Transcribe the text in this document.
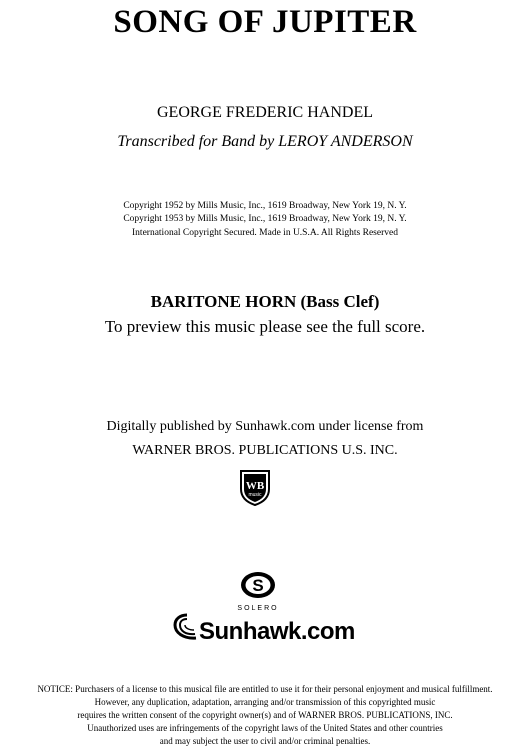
SONG OF JUPITER
GEORGE FREDERIC HANDEL
Transcribed for Band by LEROY ANDERSON
Copyright 1952 by Mills Music, Inc., 1619 Broadway, New York 19, N. Y.
Copyright 1953 by Mills Music, Inc., 1619 Broadway, New York 19, N. Y.
International Copyright Secured. Made in U.S.A. All Rights Reserved
BARITONE HORN (Bass Clef)
To preview this music please see the full score.
Digitally published by Sunhawk.com under license from
WARNER BROS. PUBLICATIONS U.S. INC.
WB
music
S
SOLERO
Sunhawk.com
NOTICE: Purchasers of a license to this musical file are entitled to use it for their personal enjoyment and musical fulfillment.
However, any duplication, adaptation, arranging and/or transmission of this copyrighted music
requires the written consent of the copyright owner(s) and of WARNER BROS. PUBLICATIONS, INC.
Unauthorized uses are infringements of the copyright laws of the United States and other countries
and may subject the user to civil and/or criminal penalties.
